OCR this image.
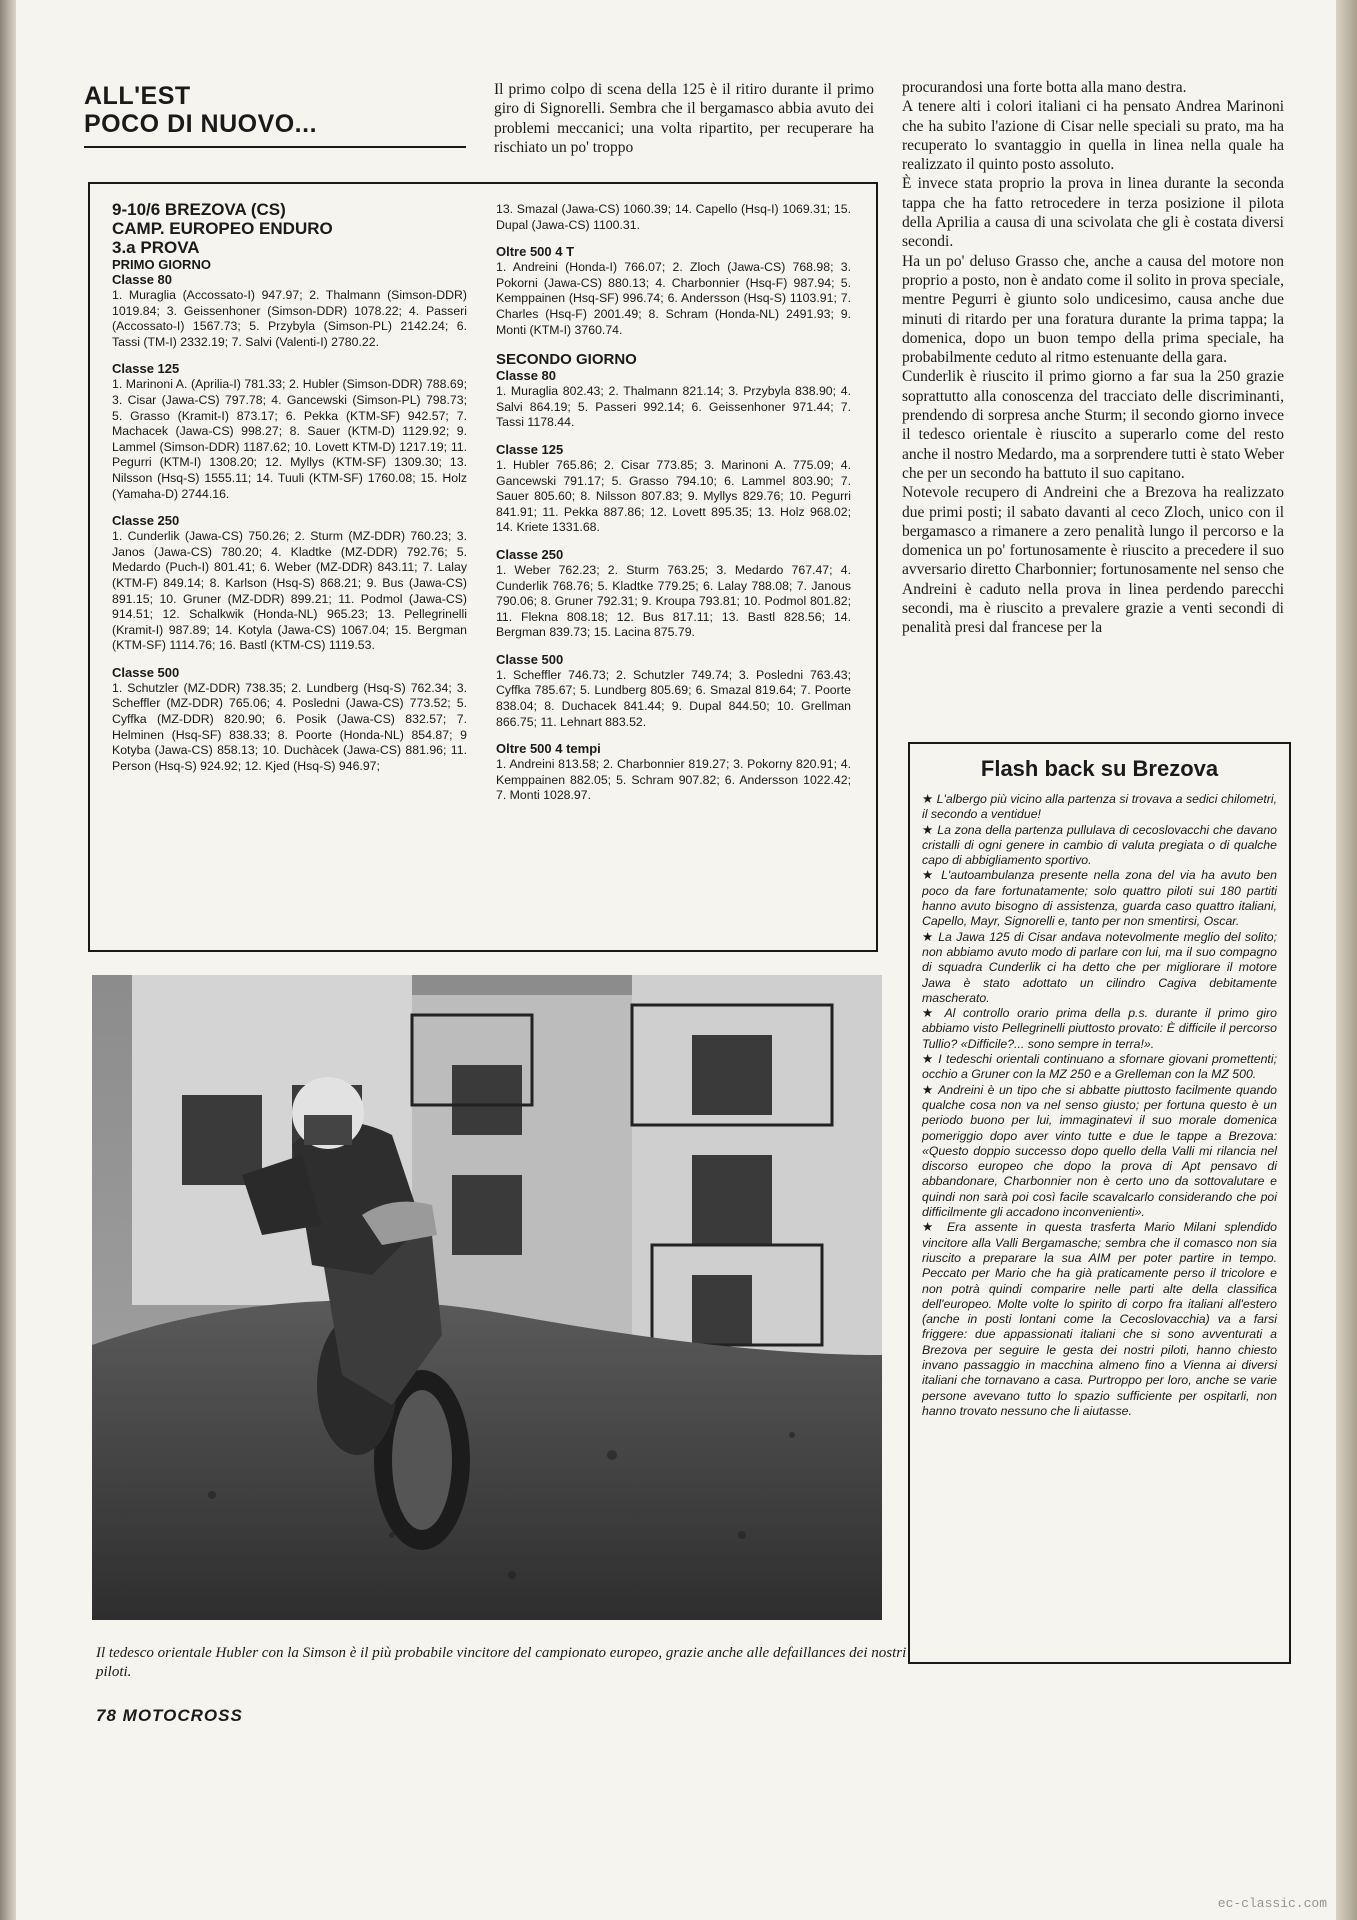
ALL'EST
POCO DI NUOVO...

Il primo colpo di scena della 125 è il ritiro durante il primo giro di Signorelli. Sembra che il bergamasco abbia avuto dei problemi meccanici; una volta ripartito, per recuperare ha rischiato un po' troppo

procurandosi una forte botta alla mano destra.

A tenere alti i colori italiani ci ha pensato Andrea Marinoni che ha subito l'azione di Cisar nelle speciali su prato, ma ha recuperato lo svantaggio in quella in linea nella quale ha realizzato il quinto posto assoluto.

È invece stata proprio la prova in linea durante la seconda tappa che ha fatto retrocedere in terza posizione il pilota della Aprilia a causa di una scivolata che gli è costata diversi secondi.

Ha un po' deluso Grasso che, anche a causa del motore non proprio a posto, non è andato come il solito in prova speciale, mentre Pegurri è giunto solo undicesimo, causa anche due minuti di ritardo per una foratura durante la prima tappa; la domenica, dopo un buon tempo della prima speciale, ha probabilmente ceduto al ritmo estenuante della gara.

Cunderlik è riuscito il primo giorno a far sua la 250 grazie soprattutto alla conoscenza del tracciato delle discriminanti, prendendo di sorpresa anche Sturm; il secondo giorno invece il tedesco orientale è riuscito a superarlo come del resto anche il nostro Medardo, ma a sorprendere tutti è stato Weber che per un secondo ha battuto il suo capitano.

Notevole recupero di Andreini che a Brezova ha realizzato due primi posti; il sabato davanti al ceco Zloch, unico con il bergamasco a rimanere a zero penalità lungo il percorso e la domenica un po' fortunosamente è riuscito a precedere il suo avversario diretto Charbonnier; fortunosamente nel senso che Andreini è caduto nella prova in linea perdendo parecchi secondi, ma è riuscito a prevalere grazie a venti secondi di penalità presi dal francese per la

9-10/6 BREZOVA (CS)
CAMP. EUROPEO ENDURO
3.a PROVA
PRIMO GIORNO
Classe 80

1. Muraglia (Accossato-I) 947.97; 2. Thalmann (Simson-DDR) 1019.84; 3. Geissenhoner (Simson-DDR) 1078.22; 4. Passeri (Accossato-I) 1567.73; 5. Przybyla (Simson-PL) 2142.24; 6. Tassi (TM-I) 2332.19; 7. Salvi (Valenti-I) 2780.22.

Classe 125

1. Marinoni A. (Aprilia-I) 781.33; 2. Hubler (Simson-DDR) 788.69; 3. Cisar (Jawa-CS) 797.78; 4. Gancewski (Simson-PL) 798.73; 5. Grasso (Kramit-I) 873.17; 6. Pekka (KTM-SF) 942.57; 7. Machacek (Jawa-CS) 998.27; 8. Sauer (KTM-D) 1129.92; 9. Lammel (Simson-DDR) 1187.62; 10. Lovett KTM-D) 1217.19; 11. Pegurri (KTM-I) 1308.20; 12. Myllys (KTM-SF) 1309.30; 13. Nilsson (Hsq-S) 1555.11; 14. Tuuli (KTM-SF) 1760.08; 15. Holz (Yamaha-D) 2744.16.

Classe 250

1. Cunderlik (Jawa-CS) 750.26; 2. Sturm (MZ-DDR) 760.23; 3. Janos (Jawa-CS) 780.20; 4. Kladtke (MZ-DDR) 792.76; 5. Medardo (Puch-I) 801.41; 6. Weber (MZ-DDR) 843.11; 7. Lalay (KTM-F) 849.14; 8. Karlson (Hsq-S) 868.21; 9. Bus (Jawa-CS) 891.15; 10. Gruner (MZ-DDR) 899.21; 11. Podmol (Jawa-CS) 914.51; 12. Schalkwik (Honda-NL) 965.23; 13. Pellegrinelli (Kramit-I) 987.89; 14. Kotyla (Jawa-CS) 1067.04; 15. Bergman (KTM-SF) 1114.76; 16. Bastl (KTM-CS) 1119.53.

Classe 500

1. Schutzler (MZ-DDR) 738.35; 2. Lundberg (Hsq-S) 762.34; 3. Scheffler (MZ-DDR) 765.06; 4. Posledni (Jawa-CS) 773.52; 5. Cyffka (MZ-DDR) 820.90; 6. Posik (Jawa-CS) 832.57; 7. Helminen (Hsq-SF) 838.33; 8. Poorte (Honda-NL) 854.87; 9 Kotyba (Jawa-CS) 858.13; 10. Duchàcek (Jawa-CS) 881.96; 11. Person (Hsq-S) 924.92; 12. Kjed (Hsq-S) 946.97;

13. Smazal (Jawa-CS) 1060.39; 14. Capello (Hsq-I) 1069.31; 15. Dupal (Jawa-CS) 1100.31.

Oltre 500 4 T

1. Andreini (Honda-I) 766.07; 2. Zloch (Jawa-CS) 768.98; 3. Pokorni (Jawa-CS) 880.13; 4. Charbonnier (Hsq-F) 987.94; 5. Kemppainen (Hsq-SF) 996.74; 6. Andersson (Hsq-S) 1103.91; 7. Charles (Hsq-F) 2001.49; 8. Schram (Honda-NL) 2491.93; 9. Monti (KTM-I) 3760.74.

SECONDO GIORNO
Classe 80

1. Muraglia 802.43; 2. Thalmann 821.14; 3. Przybyla 838.90; 4. Salvi 864.19; 5. Passeri 992.14; 6. Geissenhoner 971.44; 7. Tassi 1178.44.

Classe 125

1. Hubler 765.86; 2. Cisar 773.85; 3. Marinoni A. 775.09; 4. Gancewski 791.17; 5. Grasso 794.10; 6. Lammel 803.90; 7. Sauer 805.60; 8. Nilsson 807.83; 9. Myllys 829.76; 10. Pegurri 841.91; 11. Pekka 887.86; 12. Lovett 895.35; 13. Holz 968.02; 14. Kriete 1331.68.

Classe 250

1. Weber 762.23; 2. Sturm 763.25; 3. Medardo 767.47; 4. Cunderlik 768.76; 5. Kladtke 779.25; 6. Lalay 788.08; 7. Janous 790.06; 8. Gruner 792.31; 9. Kroupa 793.81; 10. Podmol 801.82; 11. Flekna 808.18; 12. Bus 817.11; 13. Bastl 828.56; 14. Bergman 839.73; 15. Lacina 875.79.

Classe 500

1. Scheffler 746.73; 2. Schutzler 749.74; 3. Posledni 763.43; Cyffka 785.67; 5. Lundberg 805.69; 6. Smazal 819.64; 7. Poorte 838.04; 8. Duchacek 841.44; 9. Dupal 844.50; 10. Grellman 866.75; 11. Lehnart 883.52.

Oltre 500 4 tempi

1. Andreini 813.58; 2. Charbonnier 819.27; 3. Pokorny 820.91; 4. Kemppainen 882.05; 5. Schram 907.82; 6. Andersson 1022.42; 7. Monti 1028.97.

Il tedesco orientale Hubler con la Simson è il più probabile vincitore del campionato europeo, grazie anche alle defaillances dei nostri piloti.
78 MOTOCROSS
Flash back su Brezova

★ L'albergo più vicino alla partenza si trovava a sedici chilometri, il secondo a ventidue!

★ La zona della partenza pullulava di cecoslovacchi che davano cristalli di ogni genere in cambio di valuta pregiata o di qualche capo di abbigliamento sportivo.

★ L'autoambulanza presente nella zona del via ha avuto ben poco da fare fortunatamente; solo quattro piloti sui 180 partiti hanno avuto bisogno di assistenza, guarda caso quattro italiani, Capello, Mayr, Signorelli e, tanto per non smentirsi, Oscar.

★ La Jawa 125 di Cisar andava notevolmente meglio del solito; non abbiamo avuto modo di parlare con lui, ma il suo compagno di squadra Cunderlik ci ha detto che per migliorare il motore Jawa è stato adottato un cilindro Cagiva debitamente mascherato.

★ Al controllo orario prima della p.s. durante il primo giro abbiamo visto Pellegrinelli piuttosto provato: È difficile il percorso Tullio? «Difficile?... sono sempre in terra!».

★ I tedeschi orientali continuano a sfornare giovani promettenti; occhio a Gruner con la MZ 250 e a Grelleman con la MZ 500.

★ Andreini è un tipo che si abbatte piuttosto facilmente quando qualche cosa non va nel senso giusto; per fortuna questo è un periodo buono per lui, immaginatevi il suo morale domenica pomeriggio dopo aver vinto tutte e due le tappe a Brezova: «Questo doppio successo dopo quello della Valli mi rilancia nel discorso europeo che dopo la prova di Apt pensavo di abbandonare, Charbonnier non è certo uno da sottovalutare e quindi non sarà poi così facile scavalcarlo considerando che poi difficilmente gli accadono inconvenienti».

★ Era assente in questa trasferta Mario Milani splendido vincitore alla Valli Bergamasche; sembra che il comasco non sia riuscito a preparare la sua AIM per poter partire in tempo. Peccato per Mario che ha già praticamente perso il tricolore e non potrà quindi comparire nelle parti alte della classifica dell'europeo. Molte volte lo spirito di corpo fra italiani all'estero (anche in posti lontani come la Cecoslovacchia) va a farsi friggere: due appassionati italiani che si sono avventurati a Brezova per seguire le gesta dei nostri piloti, hanno chiesto invano passaggio in macchina almeno fino a Vienna ai diversi italiani che tornavano a casa. Purtroppo per loro, anche se varie persone avevano tutto lo spazio sufficiente per ospitarli, non hanno trovato nessuno che li aiutasse.

ec-classic.com
